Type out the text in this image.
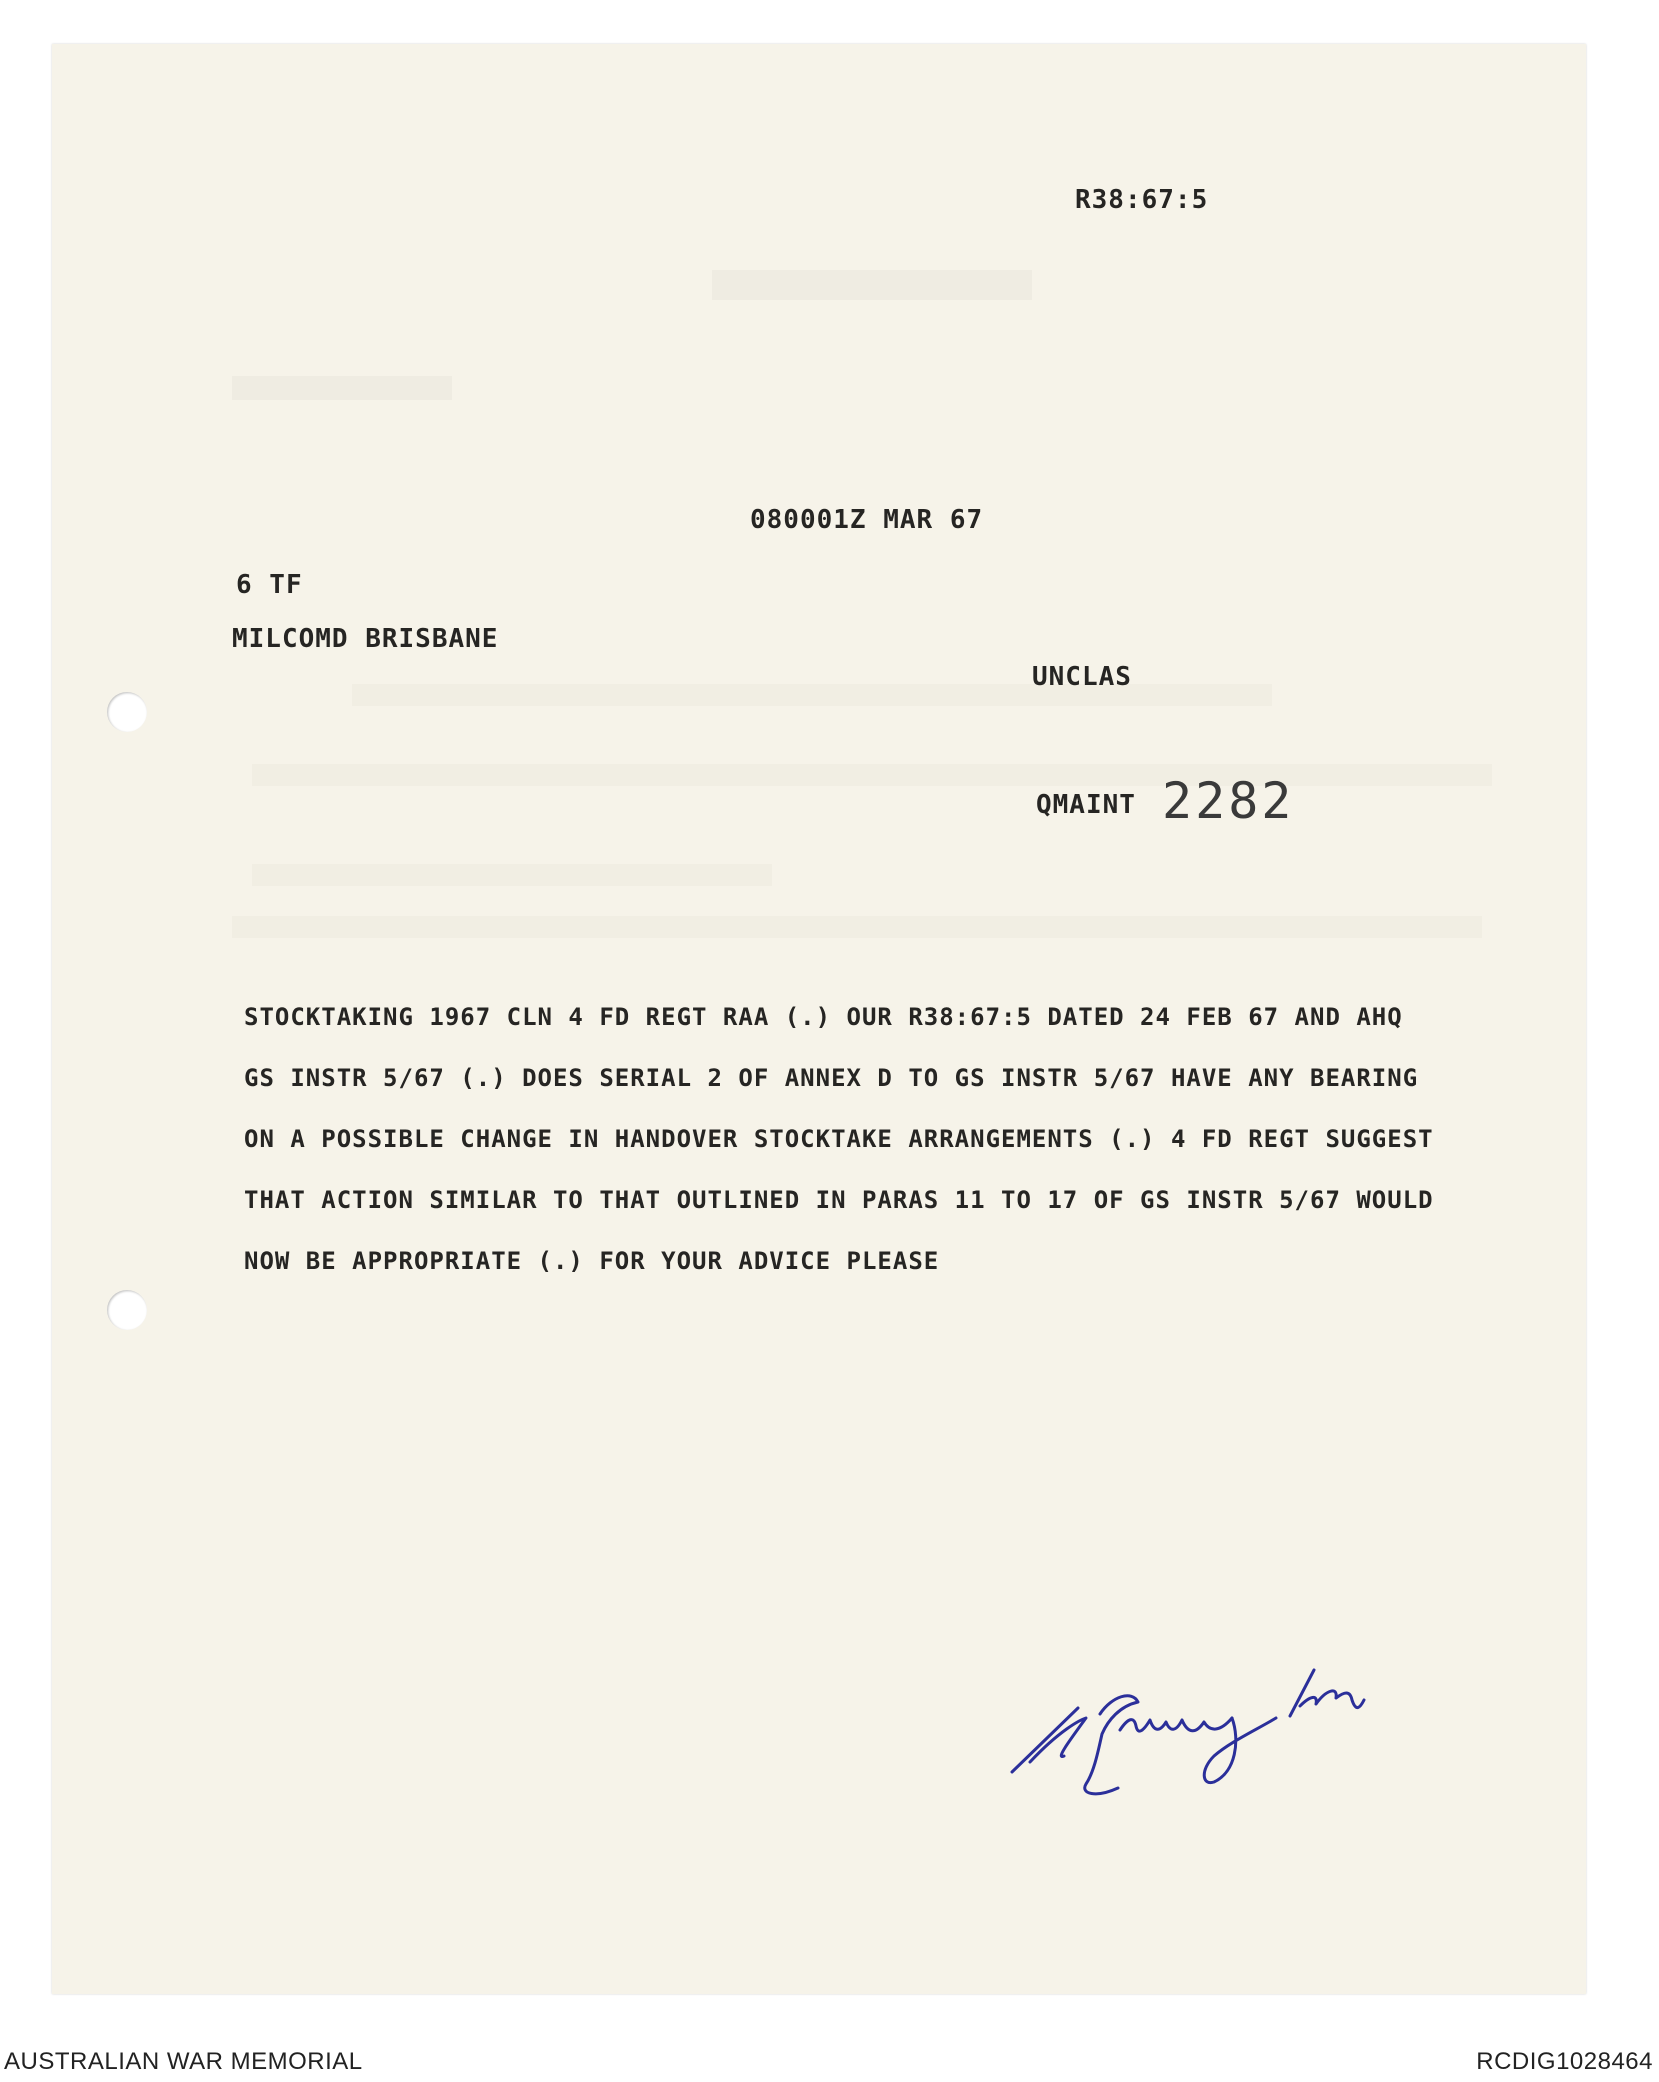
R38:67:5
080001Z MAR 67
6 TF
MILCOMD BRISBANE
UNCLAS
QMAINT 2282
STOCKTAKING 1967 CLN 4 FD REGT RAA (.) OUR R38:67:5 DATED 24 FEB 67 AND AHQ
GS INSTR 5/67 (.) DOES SERIAL 2 OF ANNEX D TO GS INSTR 5/67 HAVE ANY BEARING
ON A POSSIBLE CHANGE IN HANDOVER STOCKTAKE ARRANGEMENTS (.) 4 FD REGT SUGGEST
THAT ACTION SIMILAR TO THAT OUTLINED IN PARAS 11 TO 17 OF GS INSTR 5/67 WOULD
NOW BE APPROPRIATE (.) FOR YOUR ADVICE PLEASE
AUSTRALIAN WAR MEMORIAL	RCDIG1028464
